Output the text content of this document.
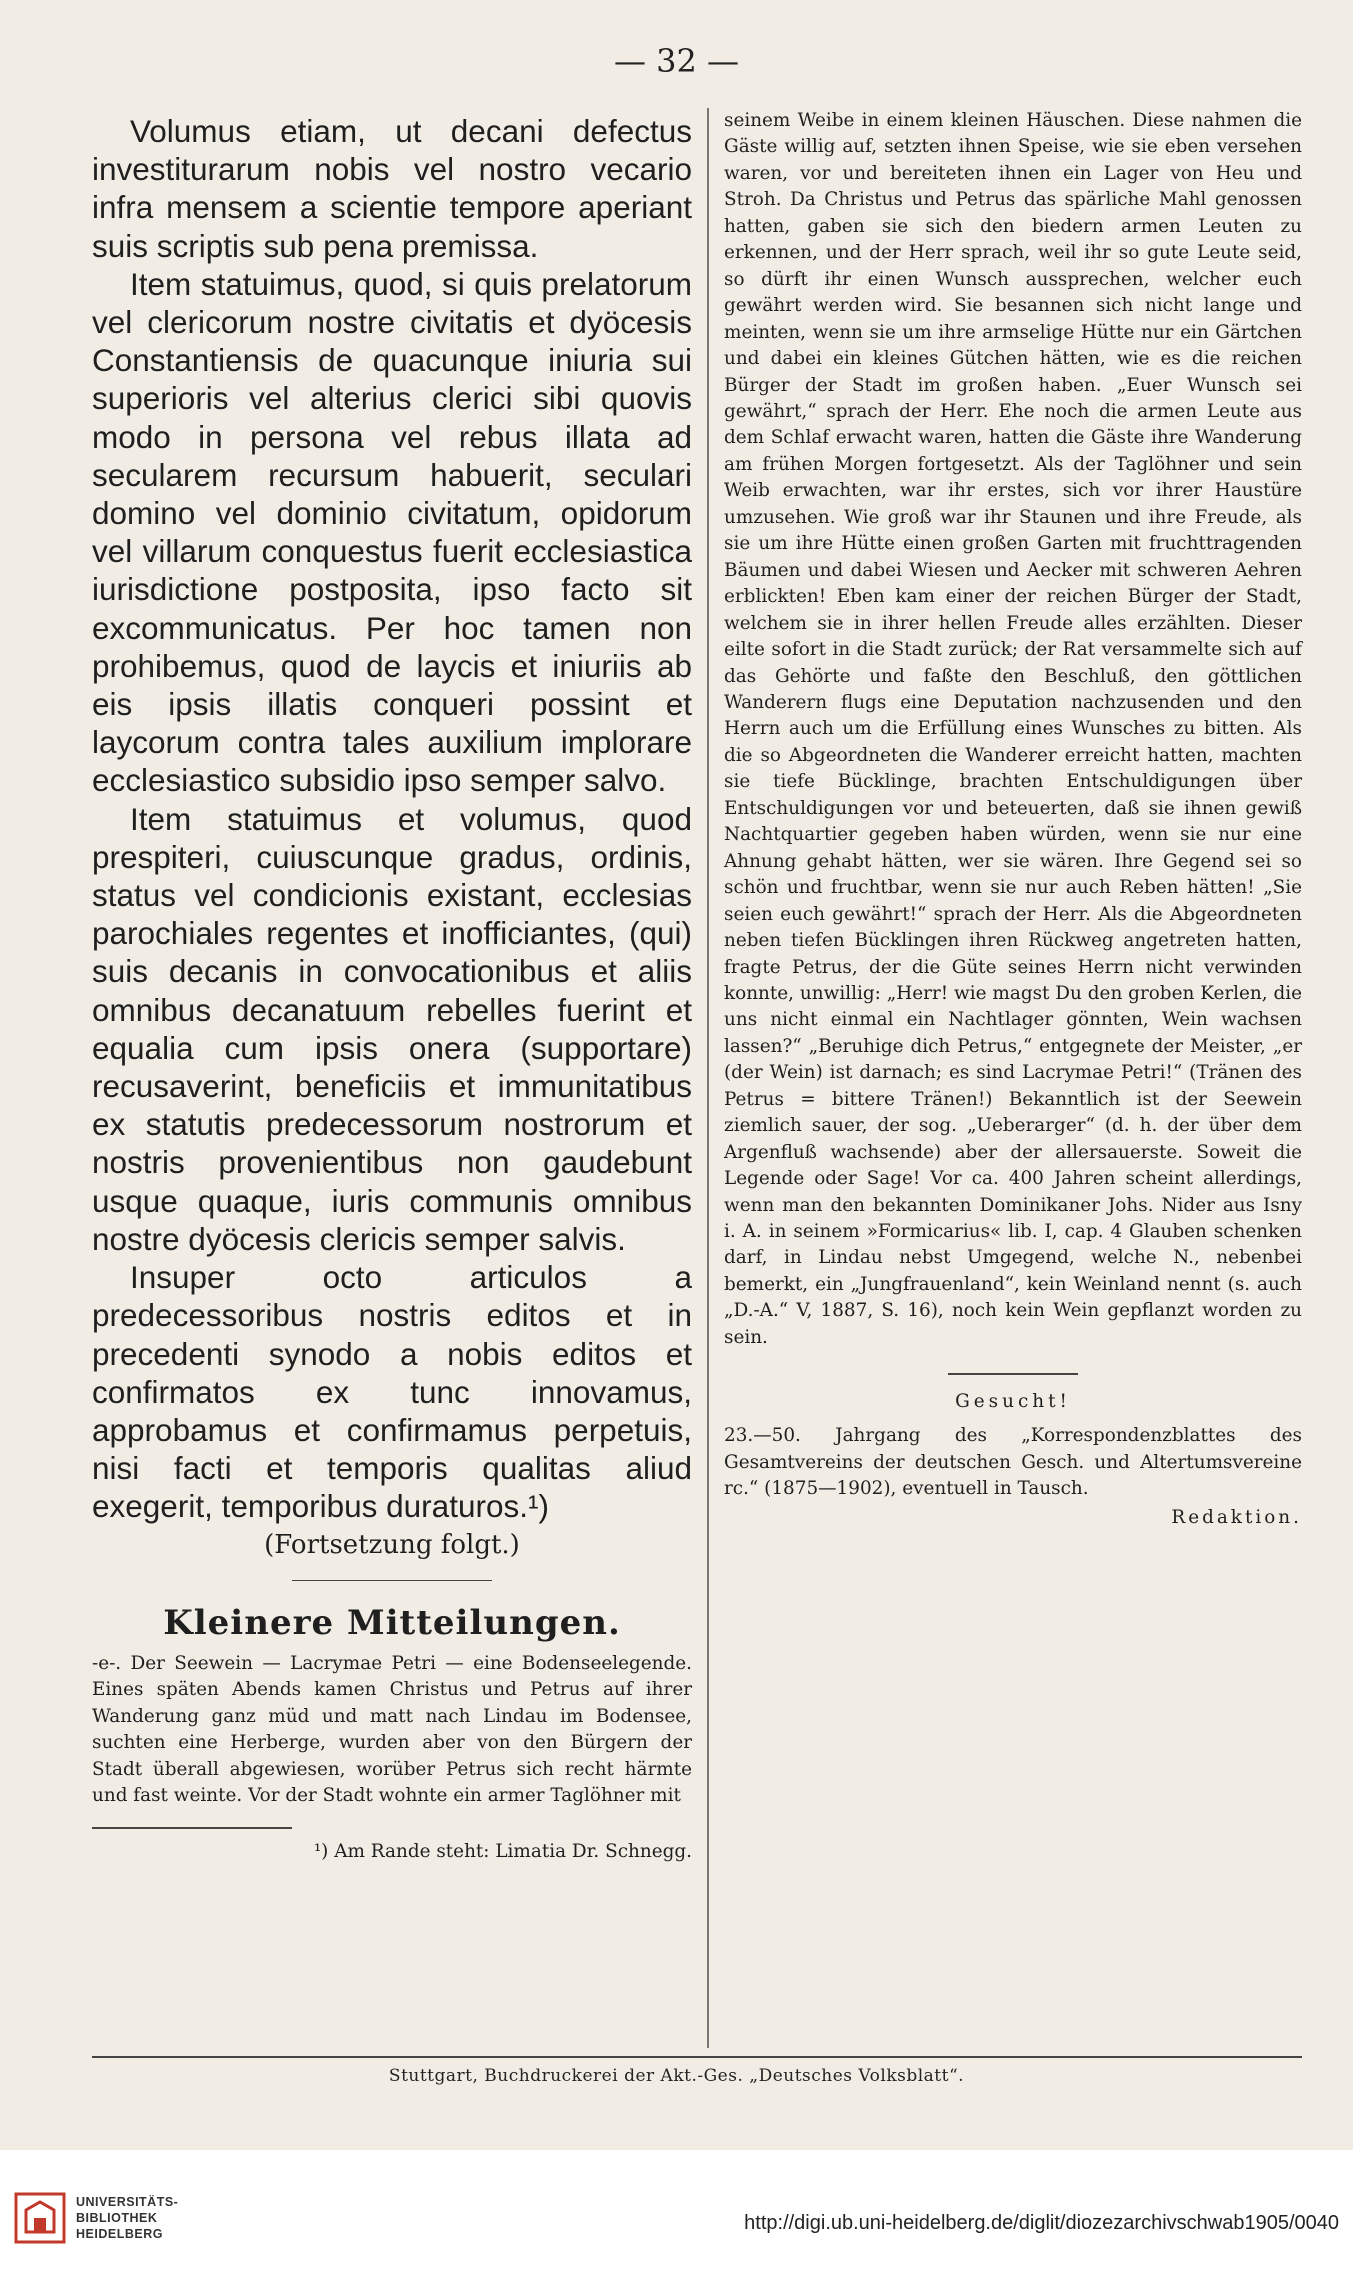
— 32 —

Volumus etiam, ut decani defectus investiturarum nobis vel nostro vecario infra mensem a scientie tempore aperiant suis scriptis sub pena premissa.

Item statuimus, quod, si quis prelatorum vel clericorum nostre civitatis et dyöcesis Constantiensis de quacunque iniuria sui superioris vel alterius clerici sibi quovis modo in persona vel rebus illata ad secularem recursum habuerit, seculari domino vel dominio civitatum, opidorum vel villarum conquestus fuerit ecclesiastica iurisdictione postposita, ipso facto sit excommunicatus. Per hoc tamen non prohibemus, quod de laycis et iniuriis ab eis ipsis illatis conqueri possint et laycorum contra tales auxilium implorare ecclesiastico subsidio ipso semper salvo.

Item statuimus et volumus, quod prespiteri, cuiuscunque gradus, ordinis, status vel condicionis existant, ecclesias parochiales regentes et inofficiantes, (qui) suis decanis in convocationibus et aliis omnibus decanatuum rebelles fuerint et equalia cum ipsis onera (supportare) recusaverint, beneficiis et immunitatibus ex statutis predecessorum nostrorum et nostris provenientibus non gaudebunt usque quaque, iuris communis omnibus nostre dyöcesis clericis semper salvis.

Insuper octo articulos a predecessoribus nostris editos et in precedenti synodo a nobis editos et confirmatos ex tunc innovamus, approbamus et confirmamus perpetuis, nisi facti et temporis qualitas aliud exegerit, temporibus duraturos.¹)

(Fortsetzung folgt.)
Kleinere Mitteilungen.

-e-. Der Seewein — Lacrymae Petri — eine Bodenseelegende. Eines späten Abends kamen Christus und Petrus auf ihrer Wanderung ganz müd und matt nach Lindau im Bodensee, suchten eine Herberge, wurden aber von den Bürgern der Stadt überall abgewiesen, worüber Petrus sich recht härmte und fast weinte. Vor der Stadt wohnte ein armer Taglöhner mit

¹) Am Rande steht: Limatia Dr. Schnegg.

seinem Weibe in einem kleinen Häuschen. Diese nahmen die Gäste willig auf, setzten ihnen Speise, wie sie eben versehen waren, vor und bereiteten ihnen ein Lager von Heu und Stroh. Da Christus und Petrus das spärliche Mahl genossen hatten, gaben sie sich den biedern armen Leuten zu erkennen, und der Herr sprach, weil ihr so gute Leute seid, so dürft ihr einen Wunsch aussprechen, welcher euch gewährt werden wird. Sie besannen sich nicht lange und meinten, wenn sie um ihre armselige Hütte nur ein Gärtchen und dabei ein kleines Gütchen hätten, wie es die reichen Bürger der Stadt im großen haben. „Euer Wunsch sei gewährt,“ sprach der Herr. Ehe noch die armen Leute aus dem Schlaf erwacht waren, hatten die Gäste ihre Wanderung am frühen Morgen fortgesetzt. Als der Taglöhner und sein Weib erwachten, war ihr erstes, sich vor ihrer Haustüre umzusehen. Wie groß war ihr Staunen und ihre Freude, als sie um ihre Hütte einen großen Garten mit fruchttragenden Bäumen und dabei Wiesen und Aecker mit schweren Aehren erblickten! Eben kam einer der reichen Bürger der Stadt, welchem sie in ihrer hellen Freude alles erzählten. Dieser eilte sofort in die Stadt zurück; der Rat versammelte sich auf das Gehörte und faßte den Beschluß, den göttlichen Wanderern flugs eine Deputation nachzusenden und den Herrn auch um die Erfüllung eines Wunsches zu bitten. Als die so Abgeordneten die Wanderer erreicht hatten, machten sie tiefe Bücklinge, brachten Entschuldigungen über Entschuldigungen vor und beteuerten, daß sie ihnen gewiß Nachtquartier gegeben haben würden, wenn sie nur eine Ahnung gehabt hätten, wer sie wären. Ihre Gegend sei so schön und fruchtbar, wenn sie nur auch Reben hätten! „Sie seien euch gewährt!“ sprach der Herr. Als die Abgeordneten neben tiefen Bücklingen ihren Rückweg angetreten hatten, fragte Petrus, der die Güte seines Herrn nicht verwinden konnte, unwillig: „Herr! wie magst Du den groben Kerlen, die uns nicht einmal ein Nachtlager gönnten, Wein wachsen lassen?“ „Beruhige dich Petrus,“ entgegnete der Meister, „er (der Wein) ist darnach; es sind Lacrymae Petri!“ (Tränen des Petrus = bittere Tränen!) Bekanntlich ist der Seewein ziemlich sauer, der sog. „Ueberarger“ (d. h. der über dem Argenfluß wachsende) aber der allersauerste. Soweit die Legende oder Sage! Vor ca. 400 Jahren scheint allerdings, wenn man den bekannten Dominikaner Johs. Nider aus Isny i. A. in seinem »Formicarius« lib. I, cap. 4 Glauben schenken darf, in Lindau nebst Umgegend, welche N., nebenbei bemerkt, ein „Jungfrauenland“, kein Weinland nennt (s. auch „D.-A.“ V, 1887, S. 16), noch kein Wein gepflanzt worden zu sein.

Gesucht!

23.—50. Jahrgang des „Korrespondenzblattes des Gesamtvereins der deutschen Gesch. und Altertumsvereine rc.“ (1875—1902), eventuell in Tausch.

Redaktion.

Stuttgart, Buchdruckerei der Akt.-Ges. „Deutsches Volksblatt“.
UNIVERSITÄTS-
BIBLIOTHEK
HEIDELBERG	http://digi.ub.uni-heidelberg.de/diglit/diozezarchivschwab1905/0040
